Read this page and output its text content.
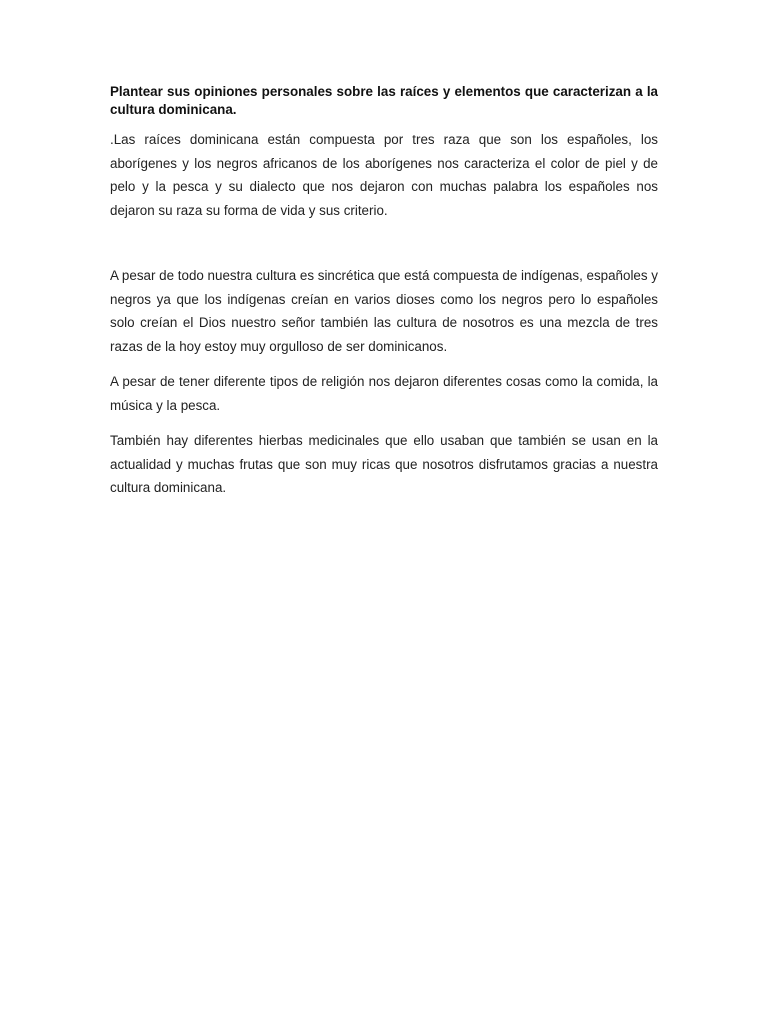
Plantear sus opiniones personales sobre las raíces y elementos que caracterizan a la cultura dominicana.

.Las raíces dominicana están compuesta por tres raza que son los españoles, los aborígenes y los negros africanos de los aborígenes nos caracteriza el color de piel y de pelo y la pesca y su dialecto que nos dejaron con muchas palabra los españoles nos dejaron su raza su forma de vida y sus criterio.

A pesar de todo nuestra cultura es sincrética que está compuesta de indígenas, españoles y negros ya que los indígenas creían en varios dioses como los negros pero lo españoles solo creían el Dios nuestro señor también las cultura de nosotros es una mezcla de tres razas de la hoy estoy muy orgulloso de ser dominicanos.

A pesar de tener diferente tipos de religión nos dejaron diferentes cosas como la comida, la música y la pesca.

También hay diferentes hierbas medicinales que ello usaban que también se usan en la actualidad y muchas frutas que son muy ricas que nosotros disfrutamos gracias a nuestra cultura dominicana.
